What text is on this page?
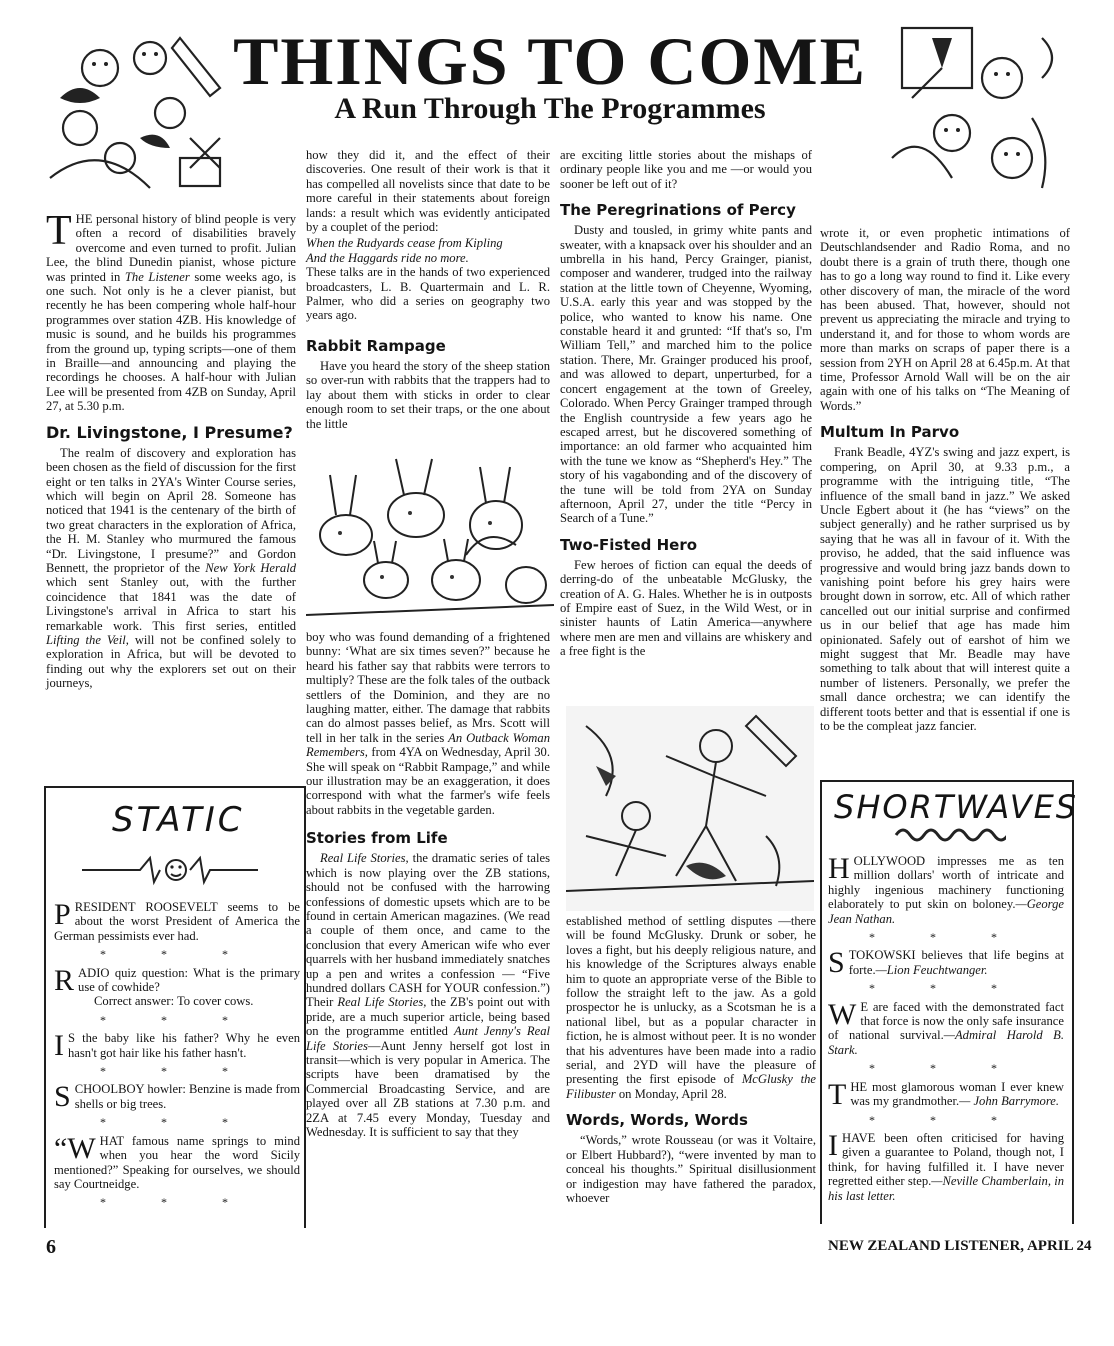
THINGS TO COME
A Run Through The Programmes

THE personal history of blind people is very often a record of disabilities bravely overcome and even turned to profit. Julian Lee, the blind Dunedin pianist, whose picture was printed in The Listener some weeks ago, is one such. Not only is he a clever pianist, but recently he has been compering whole half-hour programmes over station 4ZB. His knowledge of music is sound, and he builds his programmes from the ground up, typing scripts—one of them in Braille—and announcing and playing the recordings he chooses. A half-hour with Julian Lee will be presented from 4ZB on Sunday, April 27, at 5.30 p.m.

Dr. Livingstone, I Presume?

The realm of discovery and exploration has been chosen as the field of discussion for the first eight or ten talks in 2YA's Winter Course series, which will begin on April 28. Someone has noticed that 1941 is the centenary of the birth of two great characters in the exploration of Africa, the H. M. Stanley who murmured the famous “Dr. Livingstone, I presume?” and Gordon Bennett, the proprietor of the New York Herald which sent Stanley out, with the further coincidence that 1841 was the date of Livingstone's arrival in Africa to start his remarkable work. This first series, entitled Lifting the Veil, will not be confined solely to exploration in Africa, but will be devoted to finding out why the explorers set out on their journeys,

STATIC

PRESIDENT ROOSEVELT seems to be about the worst President of America the German pessimists ever had.

* * *

RADIO quiz question: What is the primary use of cowhide?
Correct answer: To cover cows.

* * *

I S the baby like his father? Why he even hasn't got hair like his father hasn't.

* * *

SCHOOLBOY howler: Benzine is made from shells or big trees.

* * *

“WHAT famous name springs to mind when you hear the word Sicily mentioned?” Speaking for ourselves, we should say Courtneidge.

* * *

how they did it, and the effect of their discoveries. One result of their work is that it has compelled all novelists since that date to be more careful in their statements about foreign lands: a result which was evidently anticipated by a couplet of the period:

When the Rudyards cease from Kipling
And the Haggards ride no more.

These talks are in the hands of two experienced broadcasters, L. B. Quartermain and L. R. Palmer, who did a series on geography two years ago.

Rabbit Rampage

Have you heard the story of the sheep station so over-run with rabbits that the trappers had to lay about them with sticks in order to clear enough room to set their traps, or the one about the little

boy who was found demanding of a frightened bunny: ‘What are six times seven?” because he heard his father say that rabbits were terrors to multiply? These are the folk tales of the outback settlers of the Dominion, and they are no laughing matter, either. The damage that rabbits can do almost passes belief, as Mrs. Scott will tell in her talk in the series An Outback Woman Remembers, from 4YA on Wednesday, April 30. She will speak on “Rabbit Rampage,” and while our illustration may be an exaggeration, it does correspond with what the farmer's wife feels about rabbits in the vegetable garden.

Stories from Life

Real Life Stories, the dramatic series of tales which is now playing over the ZB stations, should not be confused with the harrowing confessions of domestic upsets which are to be found in certain American magazines. (We read a couple of them once, and came to the conclusion that every American wife who ever quarrels with her husband immediately snatches up a pen and writes a confession — “Five hundred dollars CASH for YOUR confession.”) Their Real Life Stories, the ZB's point out with pride, are a much superior article, being based on the programme entitled Aunt Jenny's Real Life Stories—Aunt Jenny herself got lost in transit—which is very popular in America. The scripts have been dramatised by the Commercial Broadcasting Service, and are played over all ZB stations at 7.30 p.m. and 2ZA at 7.45 every Monday, Tuesday and Wednesday. It is sufficient to say that they

are exciting little stories about the mishaps of ordinary people like you and me —or would you sooner be left out of it?

The Peregrinations of Percy

Dusty and tousled, in grimy white pants and sweater, with a knapsack over his shoulder and an umbrella in his hand, Percy Grainger, pianist, composer and wanderer, trudged into the railway station at the little town of Cheyenne, Wyoming, U.S.A. early this year and was stopped by the police, who wanted to know his name. One constable heard it and grunted: “If that's so, I'm William Tell,” and marched him to the police station. There, Mr. Grainger produced his proof, and was allowed to depart, unperturbed, for a concert engagement at the town of Greeley, Colorado. When Percy Grainger tramped through the English countryside a few years ago he escaped arrest, but he discovered something of importance: an old farmer who acquainted him with the tune we know as “Shepherd's Hey.” The story of his vagabonding and of the discovery of the tune will be told from 2YA on Sunday afternoon, April 27, under the title “Percy in Search of a Tune.”

Two-Fisted Hero

Few heroes of fiction can equal the deeds of derring-do of the unbeatable McGlusky, the creation of A. G. Hales. Whether he is in outposts of Empire east of Suez, in the Wild West, or in sinister haunts of Latin America—anywhere where men are men and villains are whiskery and a free fight is the

established method of settling disputes —there will be found McGlusky. Drunk or sober, he loves a fight, but his deeply religious nature, and his knowledge of the Scriptures always enable him to quote an appropriate verse of the Bible to follow the straight left to the jaw. As a gold prospector he is unlucky, as a Scotsman he is a national libel, but as a popular character in fiction, he is almost without peer. It is no wonder that his adventures have been made into a radio serial, and 2YD will have the pleasure of presenting the first episode of McGlusky the Filibuster on Monday, April 28.

Words, Words, Words

“Words,” wrote Rousseau (or was it Voltaire, or Elbert Hubbard?), “were invented by man to conceal his thoughts.” Spiritual disillusionment or indigestion may have fathered the paradox, whoever

wrote it, or even prophetic intimations of Deutschlandsender and Radio Roma, and no doubt there is a grain of truth there, though one has to go a long way round to find it. Like every other discovery of man, the miracle of the word has been abused. That, however, should not prevent us appreciating the miracle and trying to understand it, and for those to whom words are more than marks on scraps of paper there is a session from 2YH on April 28 at 6.45p.m. At that time, Professor Arnold Wall will be on the air again with one of his talks on “The Meaning of Words.”

Multum In Parvo

Frank Beadle, 4YZ's swing and jazz expert, is compering, on April 30, at 9.33 p.m., a programme with the intriguing title, “The influence of the small band in jazz.” We asked Uncle Egbert about it (he has “views” on the subject generally) and he rather surprised us by saying that he was all in favour of it. With the proviso, he added, that the said influence was progressive and would bring jazz bands down to vanishing point before his grey hairs were brought down in sorrow, etc. All of which rather cancelled out our initial surprise and confirmed us in our belief that age has made him opinionated. Safely out of earshot of him we might suggest that Mr. Beadle may have something to talk about that will interest quite a number of listeners. Personally, we prefer the small dance orchestra; we can identify the different toots better and that is essential if one is to be the compleat jazz fancier.

SHORTWAVES

HOLLYWOOD impresses me as ten million dollars' worth of intricate and highly ingenious machinery functioning elaborately to put skin on boloney.—George Jean Nathan.

* * *

STOKOWSKI believes that life begins at forte.—Lion Feuchtwanger.

* * *

W E are faced with the demonstrated fact that force is now the only safe insurance of national survival.—Admiral Harold B. Stark.

* * *

THE most glamorous woman I ever knew was my grandmother.— John Barrymore.

* * *

I HAVE been often criticised for having given a guarantee to Poland, though not, I think, for having fulfilled it. I have never regretted either step.—Neville Chamberlain, in his last letter.

6	NEW ZEALAND LISTENER, APRIL 24
